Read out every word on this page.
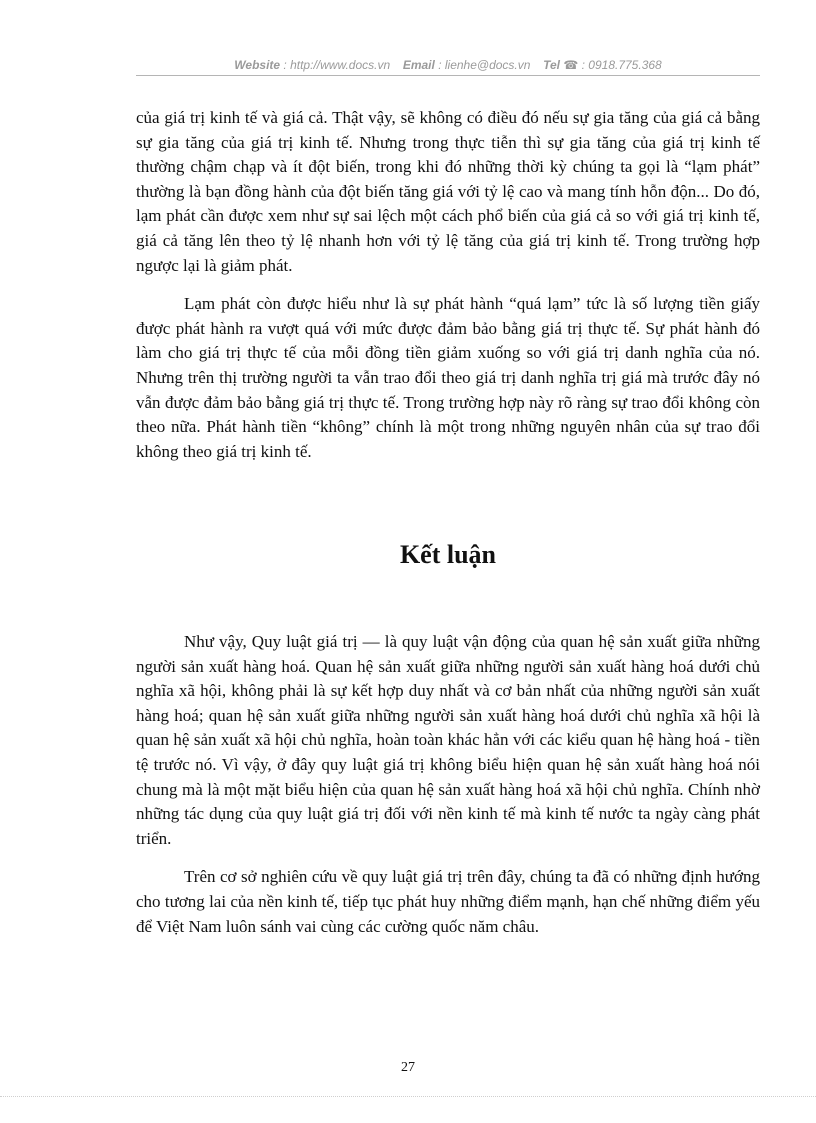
Website : http://www.docs.vn Email : lienhe@docs.vn Tel ☎ : 0918.775.368

của giá trị kinh tế và giá cả. Thật vậy, sẽ không có điều đó nếu sự gia tăng của giá cả bằng sự gia tăng của giá trị kinh tế. Nhưng trong thực tiễn thì sự gia tăng của giá trị kinh tế thường chậm chạp và ít đột biến, trong khi đó những thời kỳ chúng ta gọi là “lạm phát” thường là bạn đồng hành của đột biến tăng giá với tỷ lệ cao và mang tính hỗn độn... Do đó, lạm phát cần được xem như sự sai lệch một cách phổ biến của giá cả so với giá trị kinh tế, giá cả tăng lên theo tỷ lệ nhanh hơn với tỷ lệ tăng của giá trị kinh tế. Trong trường hợp ngược lại là giảm phát.

Lạm phát còn được hiểu như là sự phát hành “quá lạm” tức là số lượng tiền giấy được phát hành ra vượt quá với mức được đảm bảo bằng giá trị thực tế. Sự phát hành đó làm cho giá trị thực tế của mỗi đồng tiền giảm xuống so với giá trị danh nghĩa của nó. Nhưng trên thị trường người ta vẫn trao đổi theo giá trị danh nghĩa trị giá mà trước đây nó vẫn được đảm bảo bằng giá trị thực tế. Trong trường hợp này rõ ràng sự trao đổi không còn theo nữa. Phát hành tiền “không” chính là một trong những nguyên nhân của sự trao đổi không theo giá trị kinh tế.

Kết luận

Như vậy, Quy luật giá trị — là quy luật vận động của quan hệ sản xuất giữa những người sản xuất hàng hoá. Quan hệ sản xuất giữa những người sản xuất hàng hoá dưới chủ nghĩa xã hội, không phải là sự kết hợp duy nhất và cơ bản nhất của những người sản xuất hàng hoá; quan hệ sản xuất giữa những người sản xuất hàng hoá dưới chủ nghĩa xã hội là quan hệ sản xuất xã hội chủ nghĩa, hoàn toàn khác hẳn với các kiểu quan hệ hàng hoá - tiền tệ trước nó. Vì vậy, ở đây quy luật giá trị không biểu hiện quan hệ sản xuất hàng hoá nói chung mà là một mặt biểu hiện của quan hệ sản xuất hàng hoá xã hội chủ nghĩa. Chính nhờ những tác dụng của quy luật giá trị đối với nền kinh tế mà kinh tế nước ta ngày càng phát triển.

Trên cơ sở nghiên cứu về quy luật giá trị trên đây, chúng ta đã có những định hướng cho tương lai của nền kinh tế, tiếp tục phát huy những điểm mạnh, hạn chế những điểm yếu để Việt Nam luôn sánh vai cùng các cường quốc năm châu.

27
